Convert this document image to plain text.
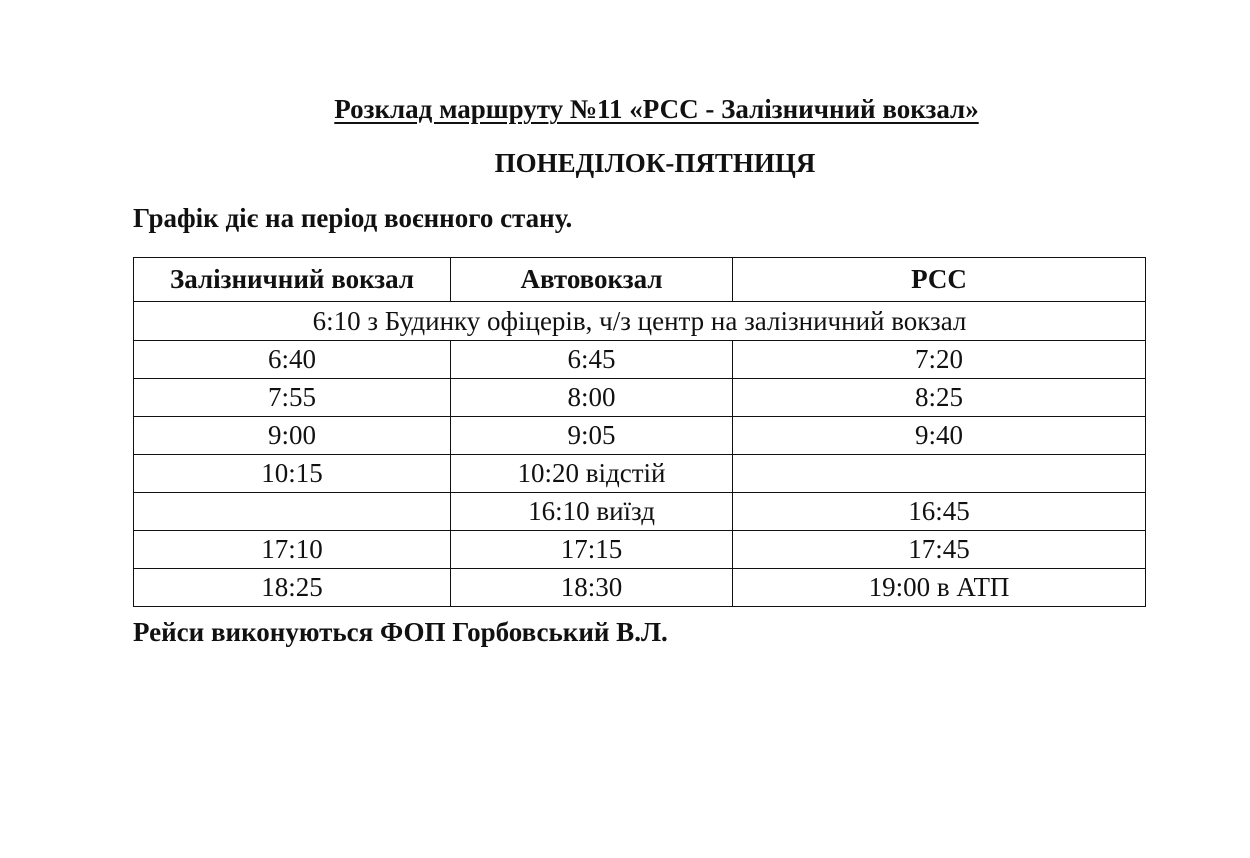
Розклад маршруту №11 «РСС - Залізничний вокзал»
ПОНЕДІЛОК-ПЯТНИЦЯ
Графік діє на період воєнного стану.
Залізничний вокзал	Автовокзал	РСС
6:10 з Будинку офіцерів, ч/з центр на залізничний вокзал		
6:40	6:45	7:20
7:55	8:00	8:25
9:00	9:05	9:40
10:15	10:20 відстій	
	16:10 виїзд	16:45
17:10	17:15	17:45
18:25	18:30	19:00 в АТП
Рейси виконуються ФОП Горбовський В.Л.
